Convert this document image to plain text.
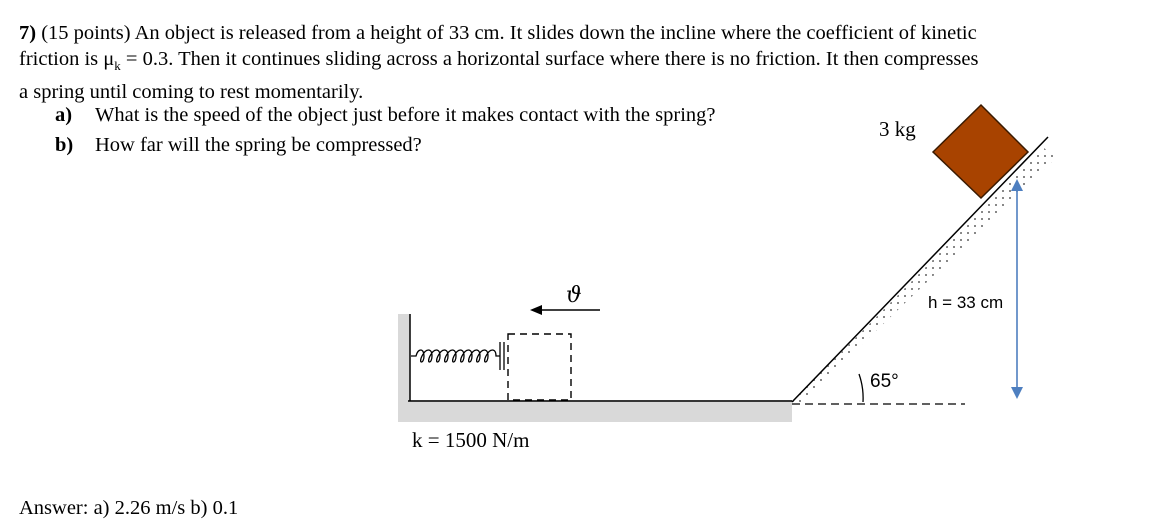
7) (15 points) An object is released from a height of 33 cm. It slides down the incline where the coefficient of kinetic

friction is $\mu_k = 0.3$. Then it continues sliding across a horizontal surface where there is no friction. It then compresses

a spring until coming to rest momentarily.

a)	What is the speed of the object just before it makes contact with the spring?
b)	How far will the spring be compressed?
ϑ
65°
3 kg
h = 33 cm
k = 1500 N/m
Answer: a) 2.26 m/s b) 0.1
